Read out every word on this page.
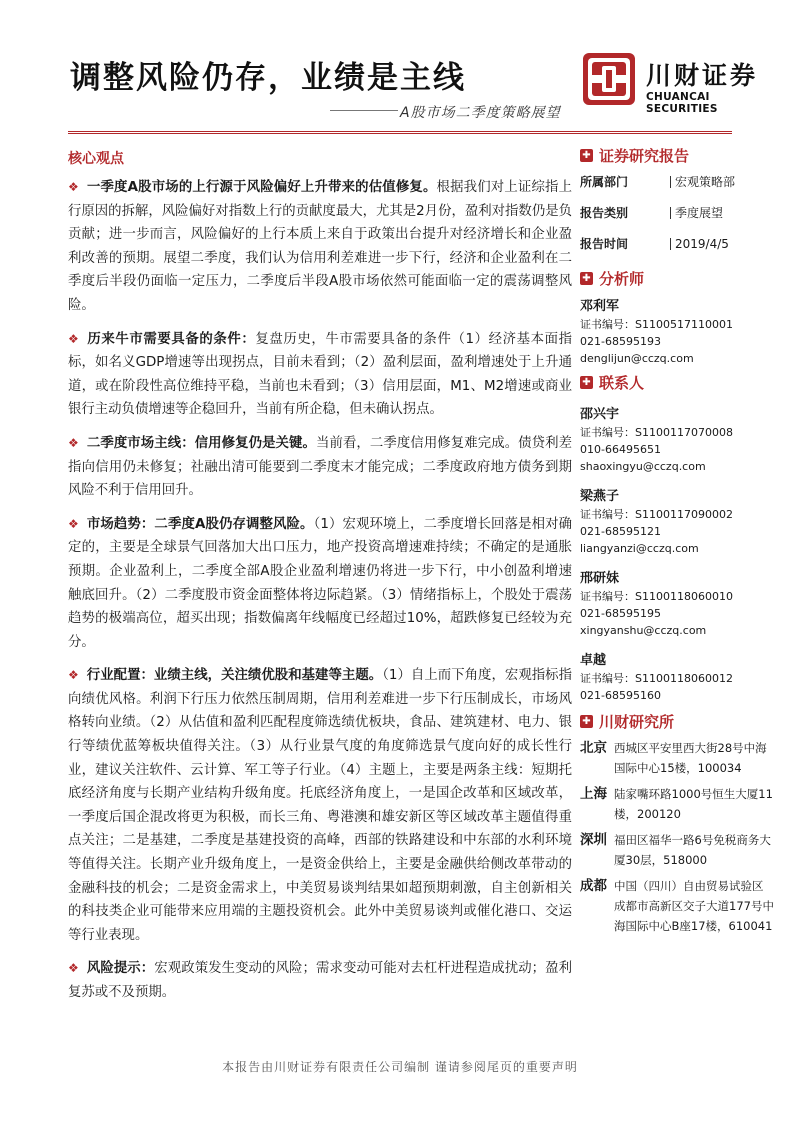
调整风险仍存，业绩是主线
A股市场二季度策略展望
川财证券
CHUANCAI SECURITIES
核心观点
❖ 一季度A股市场的上行源于风险偏好上升带来的估值修复。根据我们对上证综指上行原因的拆解，风险偏好对指数上行的贡献度最大，尤其是2月份，盈利对指数仍是负贡献；进一步而言，风险偏好的上行本质上来自于政策出台提升对经济增长和企业盈利改善的预期。展望二季度，我们认为信用利差难进一步下行，经济和企业盈利在二季度后半段仍面临一定压力，二季度后半段A股市场依然可能面临一定的震荡调整风险。
❖ 历来牛市需要具备的条件：复盘历史，牛市需要具备的条件（1）经济基本面指标，如名义GDP增速等出现拐点，目前未看到；（2）盈利层面，盈利增速处于上升通道，或在阶段性高位维持平稳，当前也未看到；（3）信用层面，M1、M2增速或商业银行主动负债增速等企稳回升，当前有所企稳，但未确认拐点。
❖ 二季度市场主线：信用修复仍是关键。当前看，二季度信用修复难完成。债贷利差指向信用仍未修复；社融出清可能要到二季度末才能完成；二季度政府地方债务到期风险不利于信用回升。
❖ 市场趋势：二季度A股仍存调整风险。（1）宏观环境上，二季度增长回落是相对确定的，主要是全球景气回落加大出口压力，地产投资高增速难持续；不确定的是通胀预期。企业盈利上，二季度全部A股企业盈利增速仍将进一步下行，中小创盈利增速触底回升。（2）二季度股市资金面整体将边际趋紧。（3）情绪指标上，个股处于震荡趋势的极端高位，超买出现；指数偏离年线幅度已经超过10%，超跌修复已经较为充分。
❖ 行业配置：业绩主线，关注绩优股和基建等主题。（1）自上而下角度，宏观指标指向绩优风格。利润下行压力依然压制周期，信用利差难进一步下行压制成长，市场风格转向业绩。（2）从估值和盈利匹配程度筛选绩优板块，食品、建筑建材、电力、银行等绩优蓝筹板块值得关注。（3）从行业景气度的角度筛选景气度向好的成长性行业，建议关注软件、云计算、军工等子行业。（4）主题上，主要是两条主线：短期托底经济角度与长期产业结构升级角度。托底经济角度上，一是国企改革和区域改革，一季度后国企混改将更为积极，而长三角、粤港澳和雄安新区等区域改革主题值得重点关注；二是基建，二季度是基建投资的高峰，西部的铁路建设和中东部的水利环境等值得关注。长期产业升级角度上，一是资金供给上，主要是金融供给侧改革带动的金融科技的机会；二是资金需求上，中美贸易谈判结果如超预期刺激，自主创新相关的科技类企业可能带来应用端的主题投资机会。此外中美贸易谈判或催化港口、交运等行业表现。
❖ 风险提示：宏观政策发生变动的风险；需求变动可能对去杠杆进程造成扰动；盈利复苏或不及预期。
✚ 证券研究报告
所属部门	宏观策略部
报告类别	季度展望
报告时间	2019/4/5
✚ 分析师
邓利军
证书编号：S1100517110001
021-68595193
denglijun@cczq.com
✚ 联系人
邵兴宇
证书编号：S1100117070008
010-66495651
shaoxingyu@cczq.com
梁燕子
证书编号：S1100117090002
021-68595121
liangyanzi@cczq.com
邢研妹
证书编号：S1100118060010
021-68595195
xingyanshu@cczq.com
卓越
证书编号：S1100118060012
021-68595160
✚ 川财研究所
北京 西城区平安里西大街28号中海国际中心15楼，100034
上海 陆家嘴环路1000号恒生大厦11楼，200120
深圳 福田区福华一路6号免税商务大厦30层，518000
成都 中国（四川）自由贸易试验区成都市高新区交子大道177号中海国际中心B座17楼，610041
本报告由川财证券有限责任公司编制 谨请参阅尾页的重要声明
